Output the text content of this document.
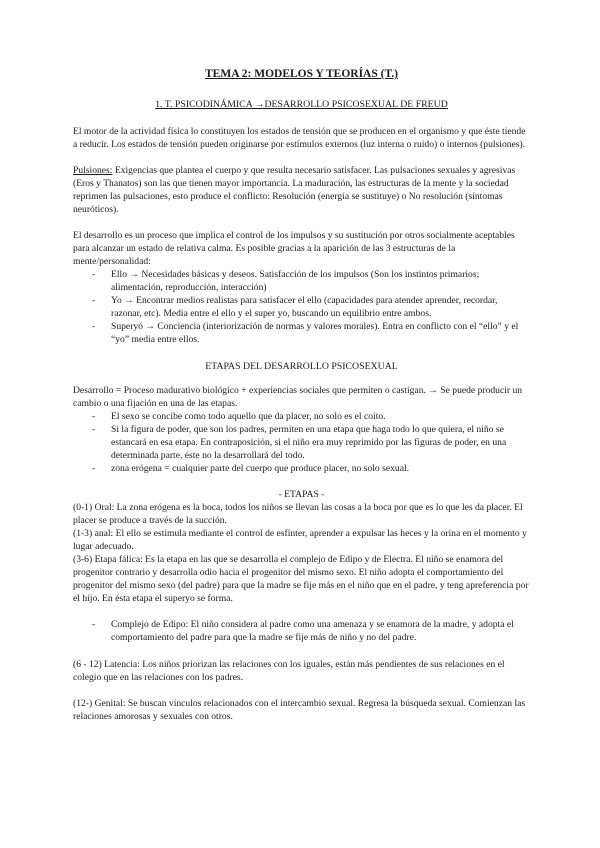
TEMA 2: MODELOS Y TEORÍAS (T.)
1. T. PSICODINÁMICA →DESARROLLO PSICOSEXUAL DE FREUD

El motor de la actividad física lo constituyen los estados de tensión que se producen en el organismo y que éste tiende a reducir. Los estados de tensión pueden originarse por estímulos externos (luz interna o ruido) o internos (pulsiones).

Pulsiones: Exigencias que plantea el cuerpo y que resulta necesario satisfacer. Las pulsaciones sexuales y agresivas (Eros y Thanatos) son las que tienen mayor importancia. La maduración, las estructuras de la mente y la sociedad reprimen las pulsaciones, esto produce el conflicto: Resolución (energía se sustituye) o No resolución (síntomas neuróticos).

El desarrollo es un proceso que implica el control de los impulsos y su sustitución por otros socialmente aceptables para alcanzar un estado de relativa calma. Es posible gracias a la aparición de las 3 estructuras de la mente/personalidad:

- Ello → Necesidades básicas y deseos. Satisfacción de los impulsos (Son los instintos primarios; alimentación, reproducción, interacción)
- Yo → Encontrar medios realistas para satisfacer el ello (capacidades para atender aprender, recordar, razonar, etc). Media entre el ello y el super yo, buscando un equilibrio entre ambos.
- Superyó → Conciencia (interiorización de normas y valores morales). Entra en conflicto con el “ello” y el “yo” media entre ellos.
ETAPAS DEL DESARROLLO PSICOSEXUAL

Desarrollo = Proceso madurativo biológico + experiencias sociales que permiten o castigan. → Se puede producir un cambio o una fijación en una de las etapas.

- El sexo se concibe como todo aquello que da placer, no solo es el coito.
- Si la figura de poder, que son los padres, permiten en una etapa que haga todo lo que quiera, el niño se estancará en esa etapa. En contraposición, si el niño era muy reprimido por las figuras de poder, en una determinada parte, éste no la desarrollará del todo.
- zona erógena = cualquier parte del cuerpo que produce placer, no solo sexual.
- ETAPAS -

(0-1) Oral: La zona erógena es la boca, todos los niños se llevan las cosas a la boca por que es lo que les da placer. El placer se produce a través de la succión.

(1-3) anal: El ello se estimula mediante el control de esfínter, aprender a expulsar las heces y la orina en el momento y lugar adecuado.

(3-6) Etapa fálica: Es la etapa en las que se desarrolla el complejo de Edipo y de Electra. El niño se enamora del progenitor contrario y desarrolla odio hacia el progenitor del mismo sexo. El niño adopta el comportamiento del progenitor del mismo sexo (del padre) para que la madre se fije más en el niño que en el padre, y teng apreferencia por el hijo. En ésta etapa el superyo se forma.

- Complejo de Edipo: El niño considera al padre como una amenaza y se enamora de la madre, y adopta el comportamiento del padre para que la madre se fije más de niño y no del padre.

(6 - 12) Latencia: Los niños priorizan las relaciones con los iguales, están más pendientes de sus relaciones en el colegio que en las relaciones con los padres.

(12-) Genital: Se buscan vínculos relacionados con el intercambio sexual. Regresa la búsqueda sexual. Comienzan las relaciones amorosas y sexuales con otros.
